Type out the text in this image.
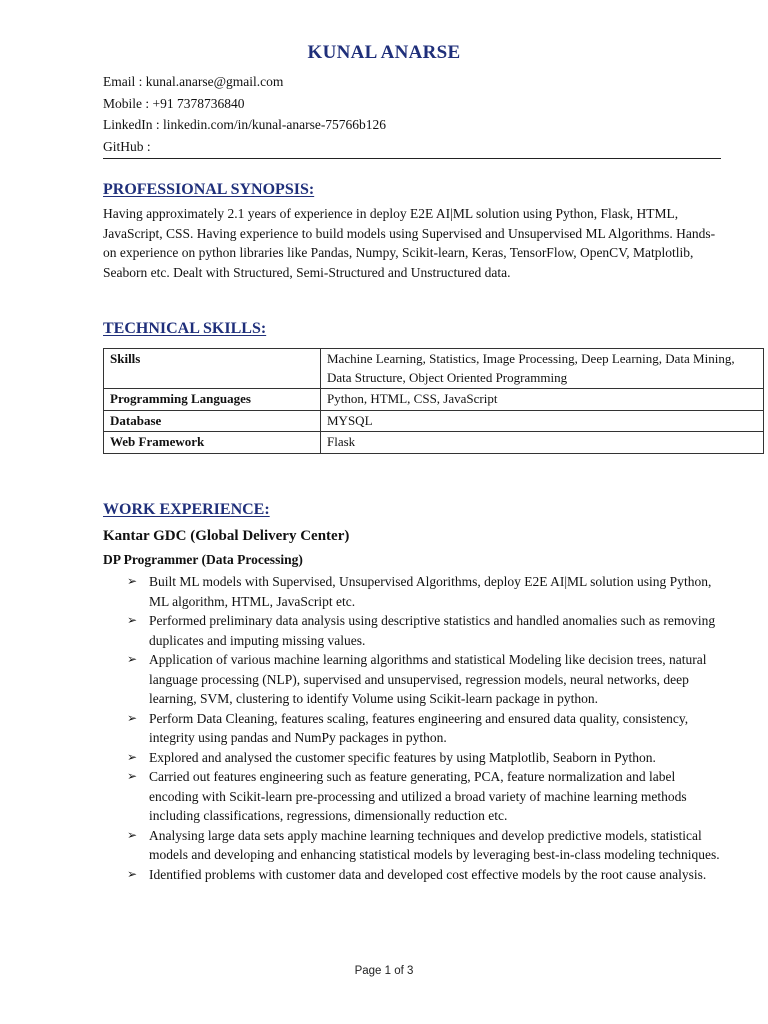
KUNAL ANARSE
Email : kunal.anarse@gmail.com
Mobile : +91 7378736840
LinkedIn : linkedin.com/in/kunal-anarse-75766b126
GitHub :
PROFESSIONAL SYNOPSIS:
Having approximately 2.1 years of experience in deploy E2E AI|ML solution using Python, Flask, HTML, JavaScript, CSS. Having experience to build models using Supervised and Unsupervised ML Algorithms. Hands-on experience on python libraries like Pandas, Numpy, Scikit-learn, Keras, TensorFlow, OpenCV, Matplotlib, Seaborn etc. Dealt with Structured, Semi-Structured and Unstructured data.
TECHNICAL SKILLS:
Skills	Machine Learning, Statistics, Image Processing, Deep Learning, Data Mining, Data Structure, Object Oriented Programming
Programming Languages	Python, HTML, CSS, JavaScript
Database	MYSQL
Web Framework	Flask
WORK EXPERIENCE:
Kantar GDC (Global Delivery Center)
DP Programmer (Data Processing)
➢ Built ML models with Supervised, Unsupervised Algorithms, deploy E2E AI|ML solution using Python, ML algorithm, HTML, JavaScript etc.
➢ Performed preliminary data analysis using descriptive statistics and handled anomalies such as removing duplicates and imputing missing values.
➢ Application of various machine learning algorithms and statistical Modeling like decision trees, natural language processing (NLP), supervised and unsupervised, regression models, neural networks, deep learning, SVM, clustering to identify Volume using Scikit-learn package in python.
➢ Perform Data Cleaning, features scaling, features engineering and ensured data quality, consistency, integrity using pandas and NumPy packages in python.
➢ Explored and analysed the customer specific features by using Matplotlib, Seaborn in Python.
➢ Carried out features engineering such as feature generating, PCA, feature normalization and label encoding with Scikit-learn pre-processing and utilized a broad variety of machine learning methods including classifications, regressions, dimensionally reduction etc.
➢ Analysing large data sets apply machine learning techniques and develop predictive models, statistical models and developing and enhancing statistical models by leveraging best-in-class modeling techniques.
➢ Identified problems with customer data and developed cost effective models by the root cause analysis.
Page 1 of 3
